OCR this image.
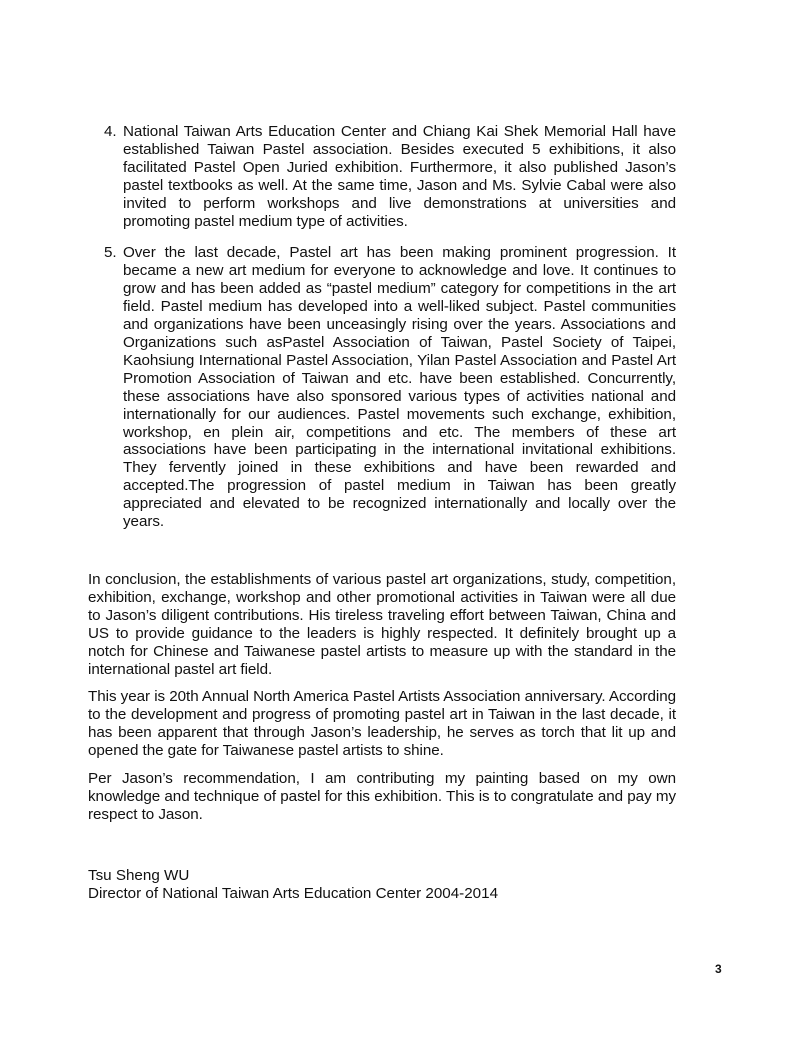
4. National Taiwan Arts Education Center and Chiang Kai Shek Memorial Hall have established Taiwan Pastel association. Besides executed 5 exhibitions, it also facilitated Pastel Open Juried exhibition. Furthermore, it also published Jason’s pastel textbooks as well. At the same time, Jason and Ms. Sylvie Cabal were also invited to perform workshops and live demonstrations at universities and promoting pastel medium type of activities.
5. Over the last decade, Pastel art has been making prominent progression. It became a new art medium for everyone to acknowledge and love. It continues to grow and has been added as “pastel medium” category for competitions in the art field. Pastel medium has developed into a well-liked subject. Pastel communities and organizations have been unceasingly rising over the years. Associations and Organizations such asPastel Association of Taiwan, Pastel Society of Taipei, Kaohsiung International Pastel Association, Yilan Pastel Association and Pastel Art Promotion Association of Taiwan and etc. have been established. Concurrently, these associations have also sponsored various types of activities national and internationally for our audiences. Pastel movements such exchange, exhibition, workshop, en plein air, competitions and etc. The members of these art associations have been participating in the international invitational exhibitions. They fervently joined in these exhibitions and have been rewarded and accepted.The progression of pastel medium in Taiwan has been greatly appreciated and elevated to be recognized internationally and locally over the years.

In conclusion, the establishments of various pastel art organizations, study, competition, exhibition, exchange, workshop and other promotional activities in Taiwan were all due to Jason’s diligent contributions. His tireless traveling effort between Taiwan, China and US to provide guidance to the leaders is highly respected. It definitely brought up a notch for Chinese and Taiwanese pastel artists to measure up with the standard in the international pastel art field.

This year is 20th Annual North America Pastel Artists Association anniversary. According to the development and progress of promoting pastel art in Taiwan in the last decade, it has been apparent that through Jason’s leadership, he serves as torch that lit up and opened the gate for Taiwanese pastel artists to shine.

Per Jason’s recommendation, I am contributing my painting based on my own knowledge and technique of pastel for this exhibition. This is to congratulate and pay my respect to Jason.

Tsu Sheng WU
Director of National Taiwan Arts Education Center 2004-2014
3
